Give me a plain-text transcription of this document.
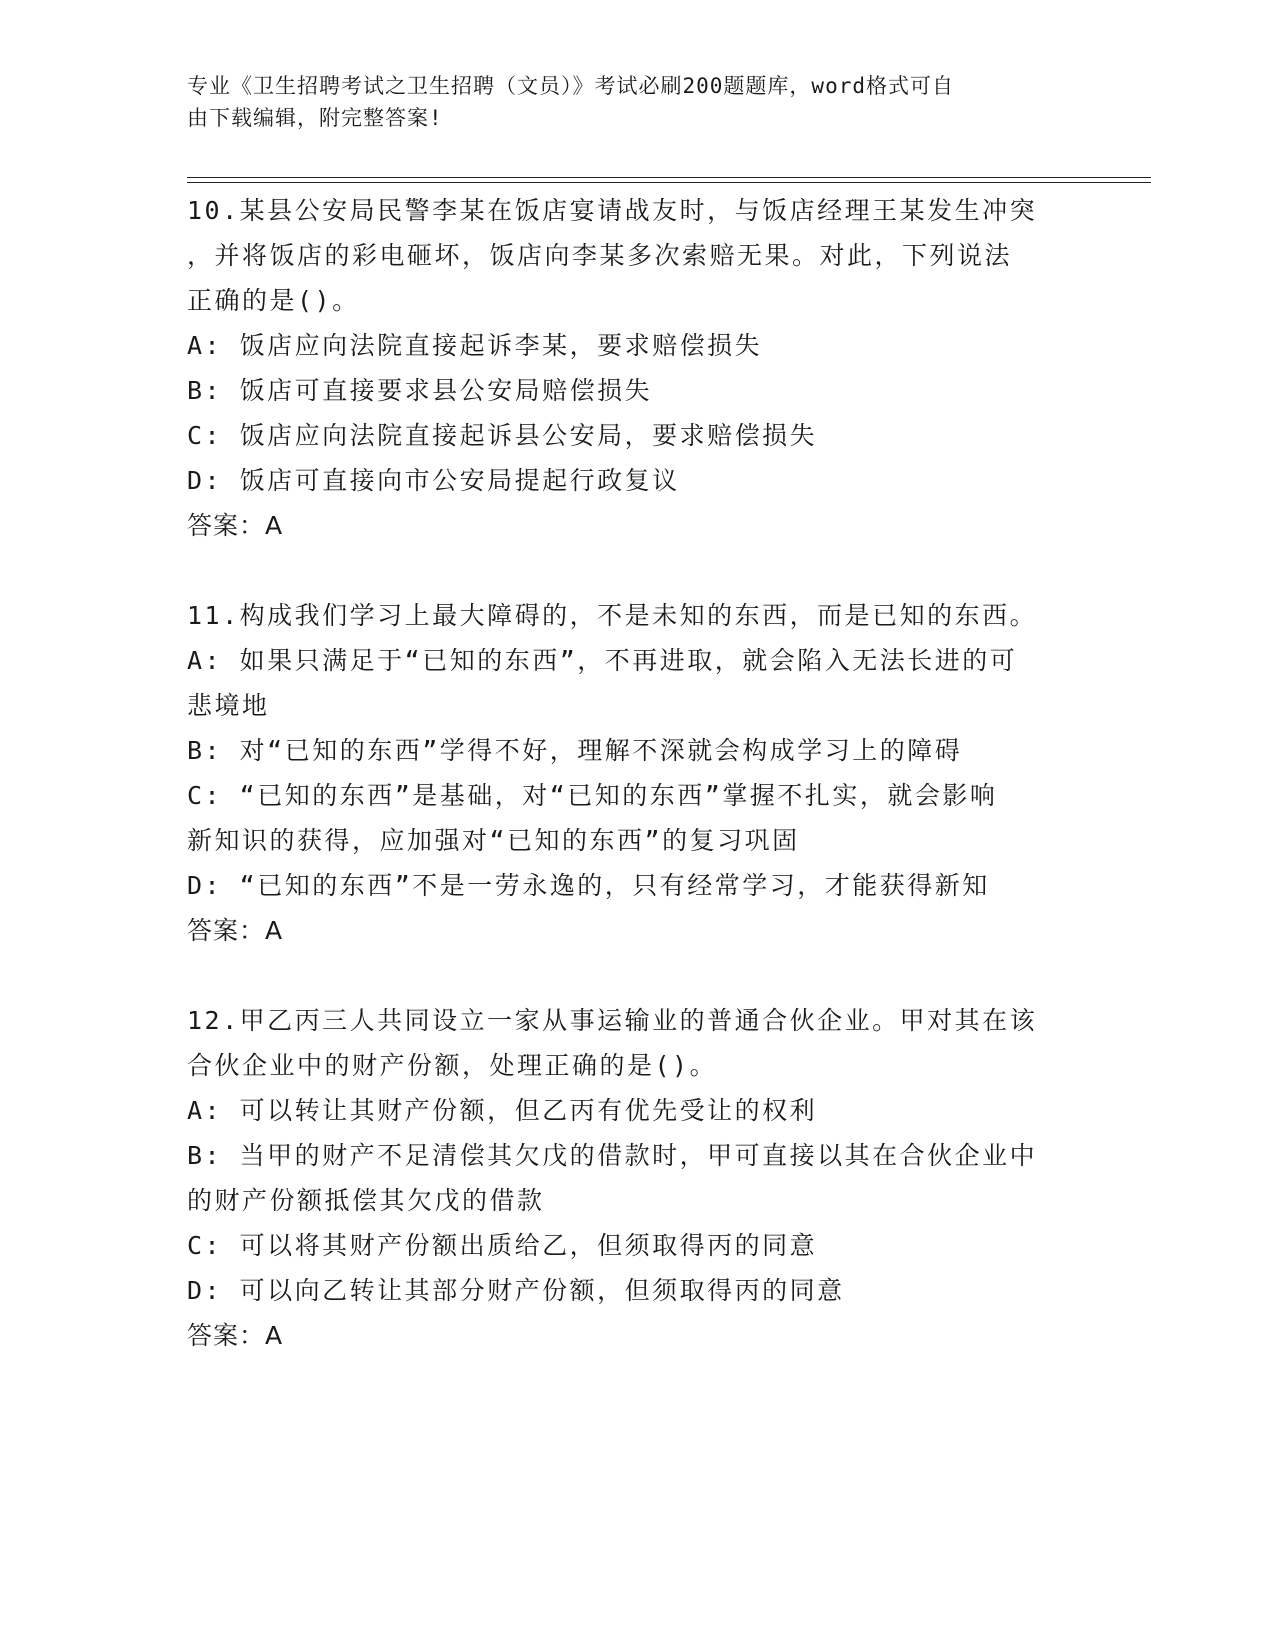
专业《卫生招聘考试之卫生招聘（文员）》考试必刷200题题库，word格式可自
由下载编辑，附完整答案!

10.某县公安局民警李某在饭店宴请战友时，与饭店经理王某发生冲突

，并将饭店的彩电砸坏，饭店向李某多次索赔无果。对此，下列说法

正确的是()。

A: 饭店应向法院直接起诉李某，要求赔偿损失

B: 饭店可直接要求县公安局赔偿损失

C: 饭店应向法院直接起诉县公安局，要求赔偿损失

D: 饭店可直接向市公安局提起行政复议

答案：A

11.构成我们学习上最大障碍的，不是未知的东西，而是已知的东西。

A: 如果只满足于“已知的东西”，不再进取，就会陷入无法长进的可

悲境地

B: 对“已知的东西”学得不好，理解不深就会构成学习上的障碍

C: “已知的东西”是基础，对“已知的东西”掌握不扎实，就会影响

新知识的获得，应加强对“已知的东西”的复习巩固

D: “已知的东西”不是一劳永逸的，只有经常学习，才能获得新知

答案：A

12.甲乙丙三人共同设立一家从事运输业的普通合伙企业。甲对其在该

合伙企业中的财产份额，处理正确的是()。

A: 可以转让其财产份额，但乙丙有优先受让的权利

B: 当甲的财产不足清偿其欠戊的借款时，甲可直接以其在合伙企业中

的财产份额抵偿其欠戊的借款

C: 可以将其财产份额出质给乙，但须取得丙的同意

D: 可以向乙转让其部分财产份额，但须取得丙的同意

答案：A
